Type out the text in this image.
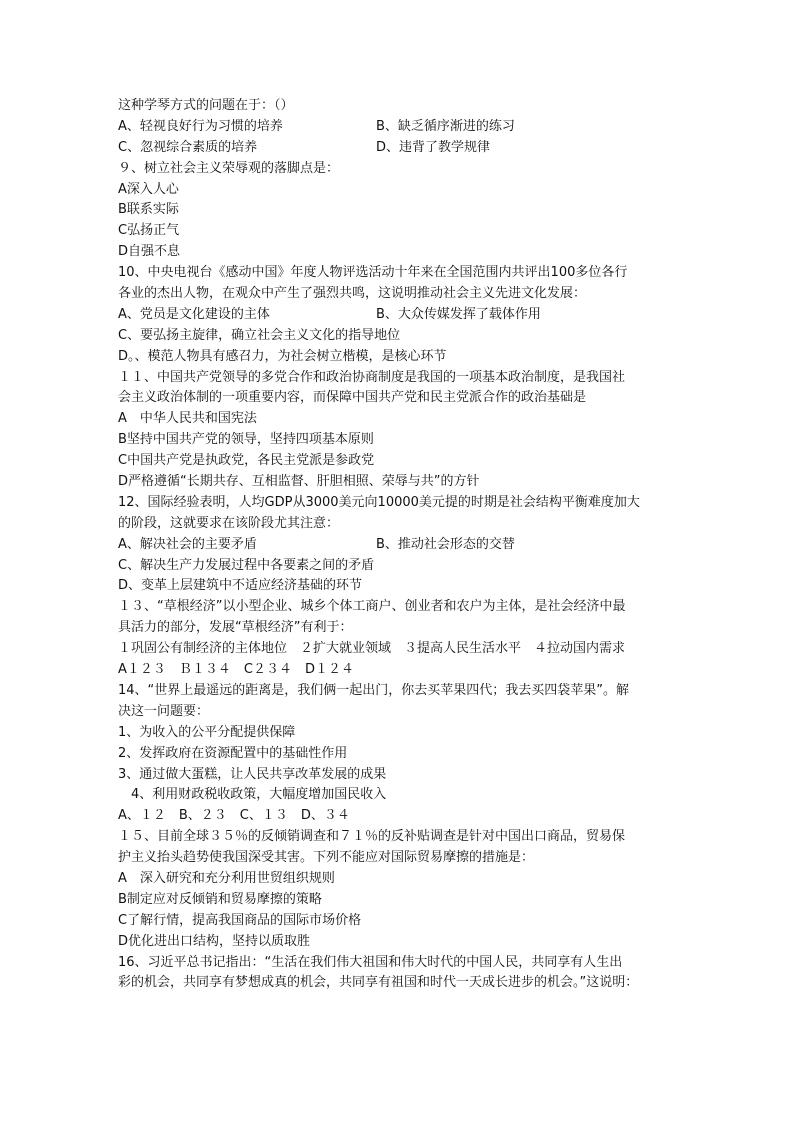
这种学琴方式的问题在于：（）
A、轻视良好行为习惯的培养	B、缺乏循序渐进的练习
C、忽视综合素质的培养	D、违背了教学规律
９、树立社会主义荣辱观的落脚点是：
A深入人心
B联系实际
C弘扬正气
D自强不息
10、中央电视台《感动中国》年度人物评选活动十年来在全国范围内共评出100多位各行
各业的杰出人物，在观众中产生了强烈共鸣，这说明推动社会主义先进文化发展：
A、党员是文化建设的主体	B、大众传媒发挥了载体作用
C、要弘扬主旋律，确立社会主义文化的指导地位
D。、模范人物具有感召力，为社会树立楷模，是核心环节
１１、中国共产党领导的多党合作和政治协商制度是我国的一项基本政治制度，是我国社
会主义政治体制的一项重要内容，而保障中国共产党和民主党派合作的政治基础是
A　中华人民共和国宪法
B坚持中国共产党的领导，坚持四项基本原则
C中国共产党是执政党，各民主党派是参政党
D严格遵循“长期共存、互相监督、肝胆相照、荣辱与共”的方针
12、国际经验表明，人均GDP从3000美元向10000美元提的时期是社会结构平衡难度加大
的阶段，这就要求在该阶段尤其注意：
A、解决社会的主要矛盾	B、推动社会形态的交替
C、解决生产力发展过程中各要素之间的矛盾
D、变革上层建筑中不适应经济基础的环节
１３、“草根经济”以小型企业、城乡个体工商户、创业者和农户为主体，是社会经济中最
具活力的部分，发展“草根经济”有利于：
１巩固公有制经济的主体地位　２扩大就业领域　３提高人民生活水平　４拉动国内需求
A１２３　Ｂ１３４　C２３４　D１２４
14、“世界上最遥远的距离是，我们俩一起出门，你去买苹果四代；我去买四袋苹果”。解
决这一问题要：
1、为收入的公平分配提供保障
2、发挥政府在资源配置中的基础性作用
3、通过做大蛋糕，让人民共享改革发展的成果
　4、利用财政税收政策，大幅度增加国民收入
A、１２　B、２３　C、１３　D、３４
１５、目前全球３５％的反倾销调查和７１％的反补贴调查是针对中国出口商品，贸易保
护主义抬头趋势使我国深受其害。下列不能应对国际贸易摩擦的措施是：
A　深入研究和充分利用世贸组织规则
B制定应对反倾销和贸易摩擦的策略
C了解行情，提高我国商品的国际市场价格
D优化进出口结构，坚持以质取胜
16、习近平总书记指出：“生活在我们伟大祖国和伟大时代的中国人民，共同享有人生出
彩的机会，共同享有梦想成真的机会，共同享有祖国和时代一天成长进步的机会。”这说明：
